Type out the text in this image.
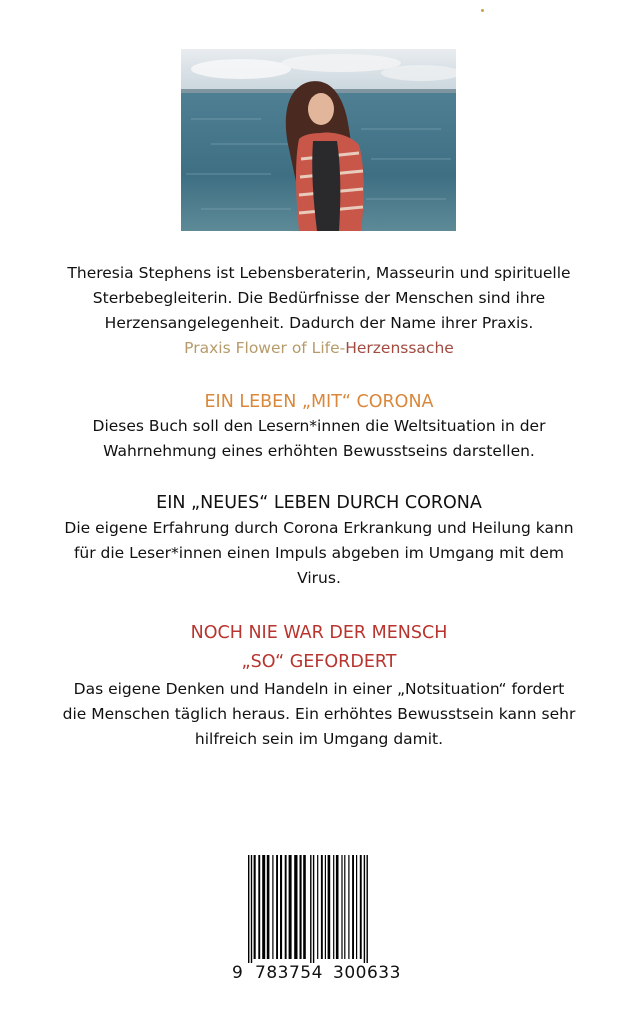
Theresia Stephens ist Lebensberaterin, Masseurin und spirituelle
Sterbebegleiterin. Die Bedürfnisse der Menschen sind ihre
Herzensangelegenheit. Dadurch der Name ihrer Praxis.
Praxis Flower of Life-Herzenssache
EIN LEBEN „MIT“ CORONA
Dieses Buch soll den Lesern*innen die Weltsituation in der
Wahrnehmung eines erhöhten Bewusstseins darstellen.
EIN „NEUES“ LEBEN DURCH CORONA
Die eigene Erfahrung durch Corona Erkrankung und Heilung kann
für die Leser*innen einen Impuls abgeben im Umgang mit dem
Virus.
NOCH NIE WAR DER MENSCH
„SO“ GEFORDERT
Das eigene Denken und Handeln in einer „Notsituation“ fordert
die Menschen täglich heraus. Ein erhöhtes Bewusstsein kann sehr
hilfreich sein im Umgang damit.
9 783754 300633
